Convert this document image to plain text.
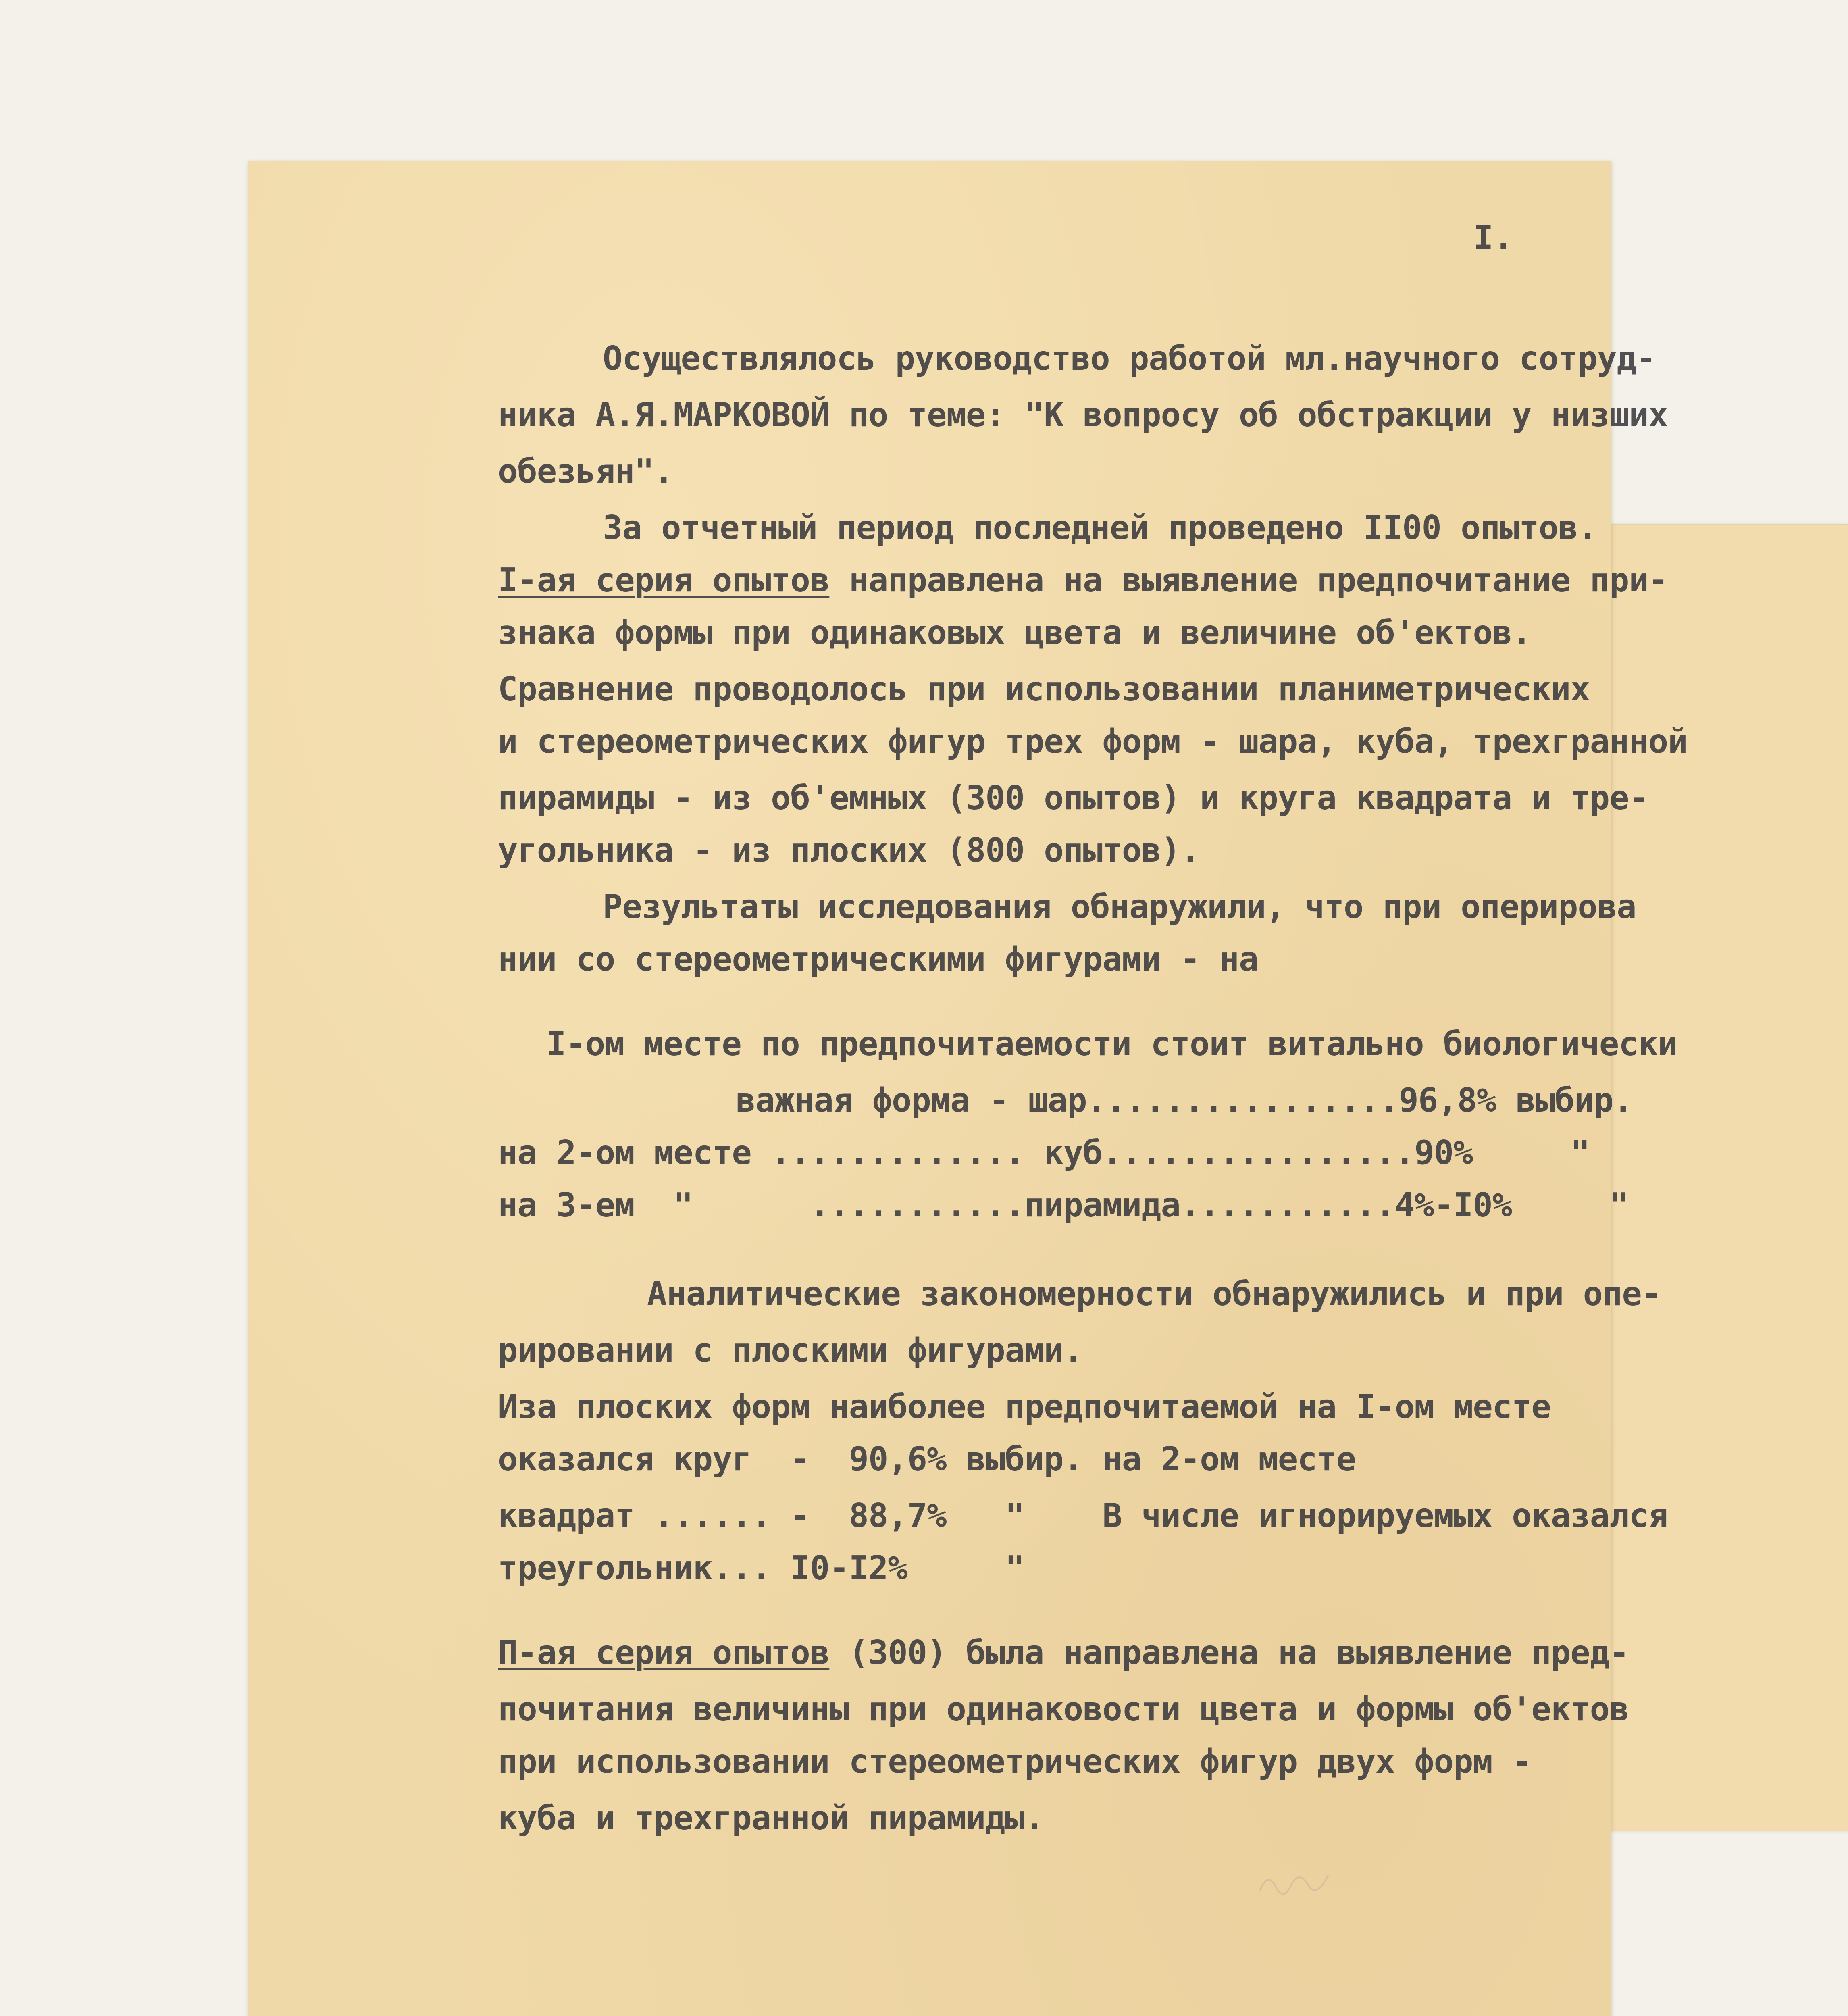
I.

Осуществлялось руководство работой мл.научного сотруд-

ника А.Я.МАРКОВОЙ по теме: "К вопросу об обстракции у низших

обезьян".

За отчетный период последней проведено II00 опытов.

I-ая серия опытов направлена на выявление предпочитание при-

знака формы при одинаковых цвета и величине об'ектов.

Сравнение проводолось при использовании планиметрических

и стереометрических фигур трех форм - шара, куба, трехгранной

пирамиды - из об'емных (300 опытов) и круга квадрата и тре-

угольника - из плоских (800 опытов).

Результаты исследования обнаружили, что при оперирова

нии со стереометрическими фигурами - на

I-ом месте по предпочитаемости стоит витально биологически

важная форма - шар................96,8% выбир.

на 2-ом месте ............. куб................90%     "

на 3-ем  "      ...........пирамида...........4%-I0%     "

Аналитические закономерности обнаружились и при опе-

рировании с плоскими фигурами.

Иза плоских форм наиболее предпочитаемой на I-ом месте

оказался круг  -  90,6% выбир. на 2-ом месте

квадрат ...... -  88,7%   "    В числе игнорируемых оказался

треугольник... I0-I2%     "

П-ая серия опытов (300) была направлена на выявление пред-

почитания величины при одинаковости цвета и формы об'ектов

при использовании стереометрических фигур двух форм -

куба и трехгранной пирамиды.
